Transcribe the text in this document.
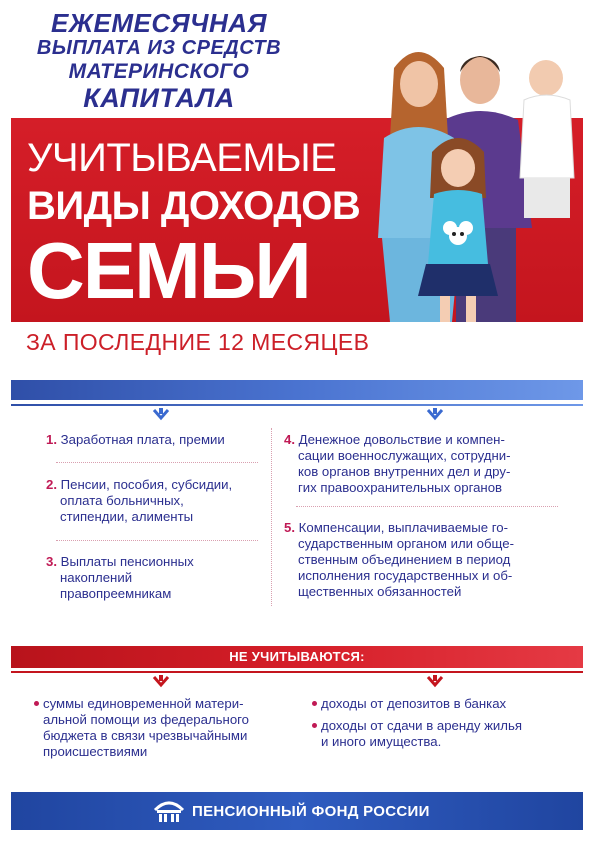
ЕЖЕМЕСЯЧНАЯ
ВЫПЛАТА ИЗ СРЕДСТВ
МАТЕРИНСКОГО
КАПИТАЛА
УЧИТЫВАЕМЫЕ
ВИДЫ ДОХОДОВ
СЕМЬИ
ЗА ПОСЛЕДНИЕ 12 МЕСЯЦЕВ
1. Заработная плата, премии
2. Пенсии, пособия, субсидии,
оплата больничных,
стипендии, алименты
3. Выплаты пенсионных
накоплений
правопреемникам
4. Денежное довольствие и компен-
сации военнослужащих, сотрудни-
ков органов внутренних дел и дру-
гих правоохранительных органов
5. Компенсации, выплачиваемые го-
сударственным органом или обще-
ственным объединением в период
исполнения государственных и об-
щественных обязанностей
НЕ УЧИТЫВАЮТСЯ:
суммы единовременной матери-
альной помощи из федерального
бюджета в связи чрезвычайными
происшествиями
доходы от депозитов в банках
доходы от сдачи в аренду жилья
и иного имущества.
ПЕНСИОННЫЙ ФОНД РОССИИ
